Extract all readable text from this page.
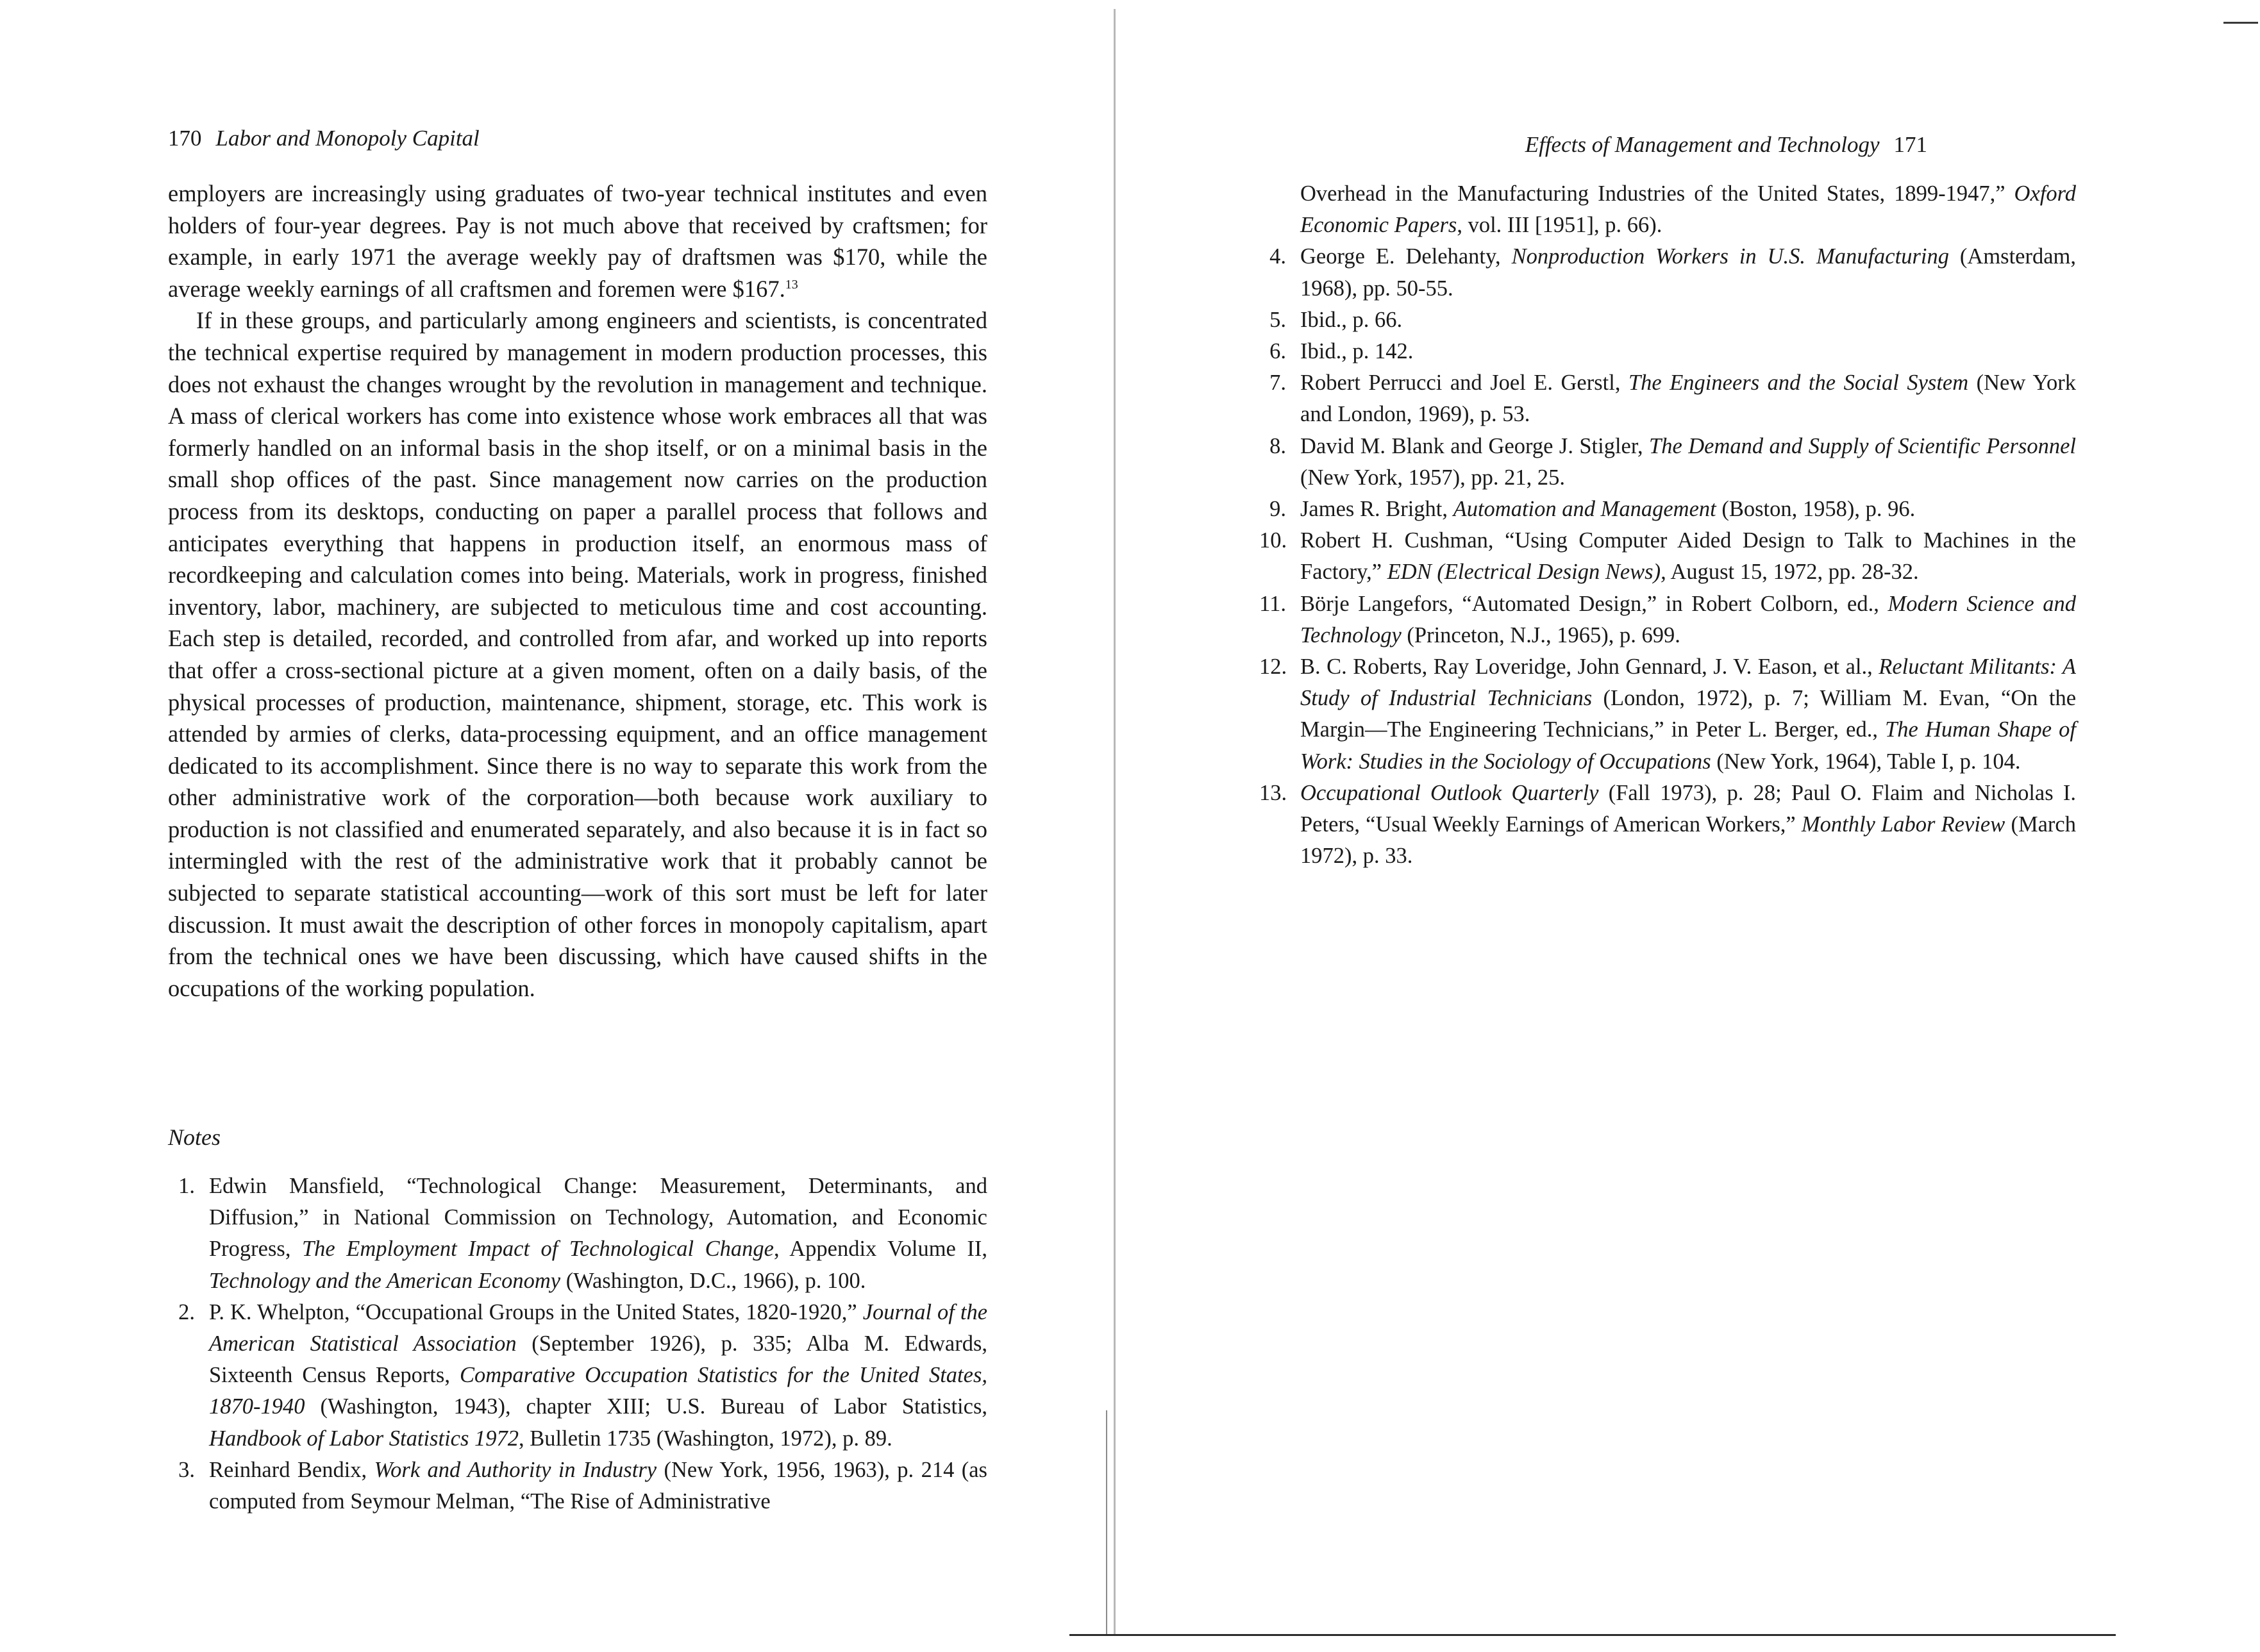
170 Labor and Monopoly Capital

employers are increasingly using graduates of two-year technical institutes and even holders of four-year degrees. Pay is not much above that received by craftsmen; for example, in early 1971 the average weekly pay of draftsmen was $170, while the average weekly earnings of all craftsmen and foremen were $167.13

If in these groups, and particularly among engineers and scientists, is concentrated the technical expertise required by management in modern production processes, this does not exhaust the changes wrought by the revolution in management and technique. A mass of clerical workers has come into existence whose work embraces all that was formerly handled on an informal basis in the shop itself, or on a minimal basis in the small shop offices of the past. Since management now carries on the production process from its desktops, conducting on paper a parallel process that follows and anticipates everything that happens in production itself, an enormous mass of recordkeeping and calculation comes into being. Materials, work in progress, finished inventory, labor, machinery, are subjected to meticulous time and cost accounting. Each step is detailed, recorded, and controlled from afar, and worked up into reports that offer a cross-sectional picture at a given moment, often on a daily basis, of the physical processes of production, maintenance, shipment, storage, etc. This work is attended by armies of clerks, data-processing equipment, and an office management dedicated to its accomplishment. Since there is no way to separate this work from the other administrative work of the corporation—both because work auxiliary to production is not classified and enumerated separately, and also because it is in fact so intermingled with the rest of the administrative work that it probably cannot be subjected to separate statistical accounting—work of this sort must be left for later discussion. It must await the description of other forces in monopoly capitalism, apart from the technical ones we have been discussing, which have caused shifts in the occupations of the working population.

Notes
1. Edwin Mansfield, “Technological Change: Measurement, Determinants, and Diffusion,” in National Commission on Technology, Automation, and Economic Progress, The Employment Impact of Technological Change, Appendix Volume II, Technology and the American Economy (Washington, D.C., 1966), p. 100.
2. P. K. Whelpton, “Occupational Groups in the United States, 1820-1920,” Journal of the American Statistical Association (September 1926), p. 335; Alba M. Edwards, Sixteenth Census Reports, Comparative Occupation Statistics for the United States, 1870-1940 (Washington, 1943), chapter XIII; U.S. Bureau of Labor Statistics, Handbook of Labor Statistics 1972, Bulletin 1735 (Washington, 1972), p. 89.
3. Reinhard Bendix, Work and Authority in Industry (New York, 1956, 1963), p. 214 (as computed from Seymour Melman, “The Rise of Administrative
Effects of Management and Technology 171
Overhead in the Manufacturing Industries of the United States, 1899-1947,” Oxford Economic Papers, vol. III [1951], p. 66).
4. George E. Delehanty, Nonproduction Workers in U.S. Manufacturing (Amsterdam, 1968), pp. 50-55.
5. Ibid., p. 66.
6. Ibid., p. 142.
7. Robert Perrucci and Joel E. Gerstl, The Engineers and the Social System (New York and London, 1969), p. 53.
8. David M. Blank and George J. Stigler, The Demand and Supply of Scientific Personnel (New York, 1957), pp. 21, 25.
9. James R. Bright, Automation and Management (Boston, 1958), p. 96.
10. Robert H. Cushman, “Using Computer Aided Design to Talk to Machines in the Factory,” EDN (Electrical Design News), August 15, 1972, pp. 28-32.
11. Börje Langefors, “Automated Design,” in Robert Colborn, ed., Modern Science and Technology (Princeton, N.J., 1965), p. 699.
12. B. C. Roberts, Ray Loveridge, John Gennard, J. V. Eason, et al., Reluctant Militants: A Study of Industrial Technicians (London, 1972), p. 7; William M. Evan, “On the Margin—The Engineering Technicians,” in Peter L. Berger, ed., The Human Shape of Work: Studies in the Sociology of Occupations (New York, 1964), Table I, p. 104.
13. Occupational Outlook Quarterly (Fall 1973), p. 28; Paul O. Flaim and Nicholas I. Peters, “Usual Weekly Earnings of American Workers,” Monthly Labor Review (March 1972), p. 33.
